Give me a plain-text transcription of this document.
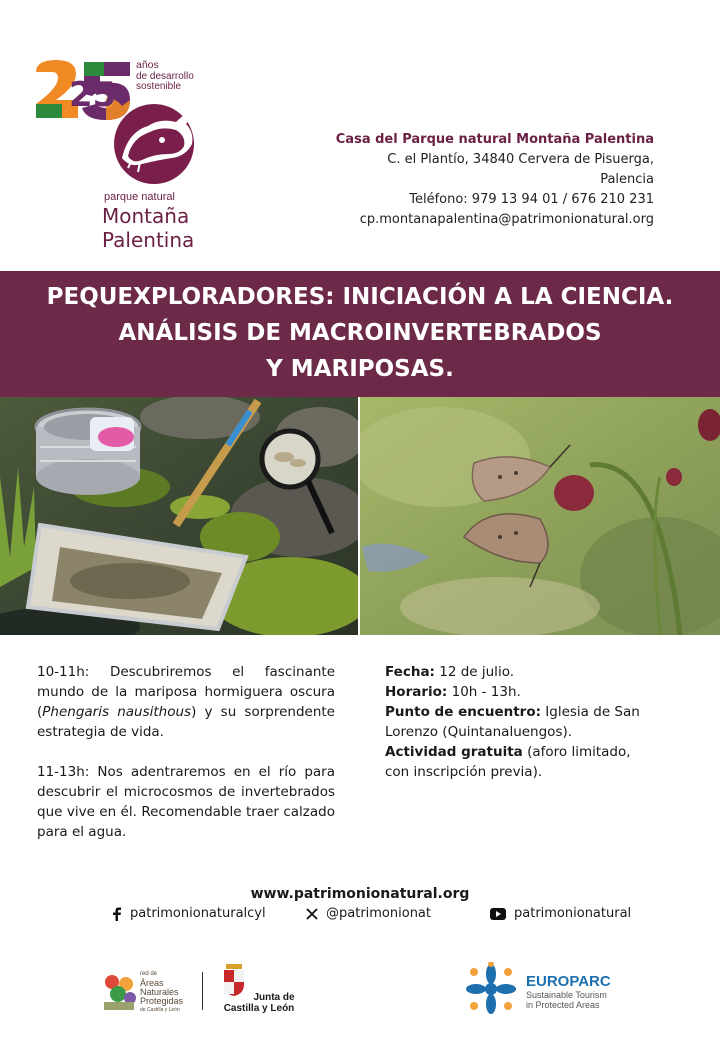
25
años
de desarrollo
sostenible
parque natural
Montaña Palentina
Casa del Parque natural Montaña Palentina
C. el Plantío, 34840 Cervera de Pisuerga,
Palencia
Teléfono: 979 13 94 01 / 676 210 231
cp.montanapalentina@patrimonionatural.org
PEQUEXPLORADORES: INICIACIÓN A LA CIENCIA.
ANÁLISIS DE MACROINVERTEBRADOS
Y MARIPOSAS.

10-11h: Descubriremos el fascinante mundo de la mariposa hormiguera oscura (Phengaris nausithous) y su sorprendente estrategia de vida.

11-13h: Nos adentraremos en el río para descubrir el microcosmos de invertebrados que vive en él. Recomendable traer calzado para el agua.

Fecha: 12 de julio.

Horario: 10h - 13h.

Punto de encuentro: Iglesia de San Lorenzo (Quintanaluengos).

Actividad gratuita (aforo limitado, con inscripción previa).

www.patrimonionatural.org
patrimonionaturalcyl	@patrimonionat	patrimonionatural
red de
Áreas
Naturales
Protegidas
de Castilla y León
Junta de
Castilla y León
EUROPARC
Sustainable Tourism
in Protected Areas
